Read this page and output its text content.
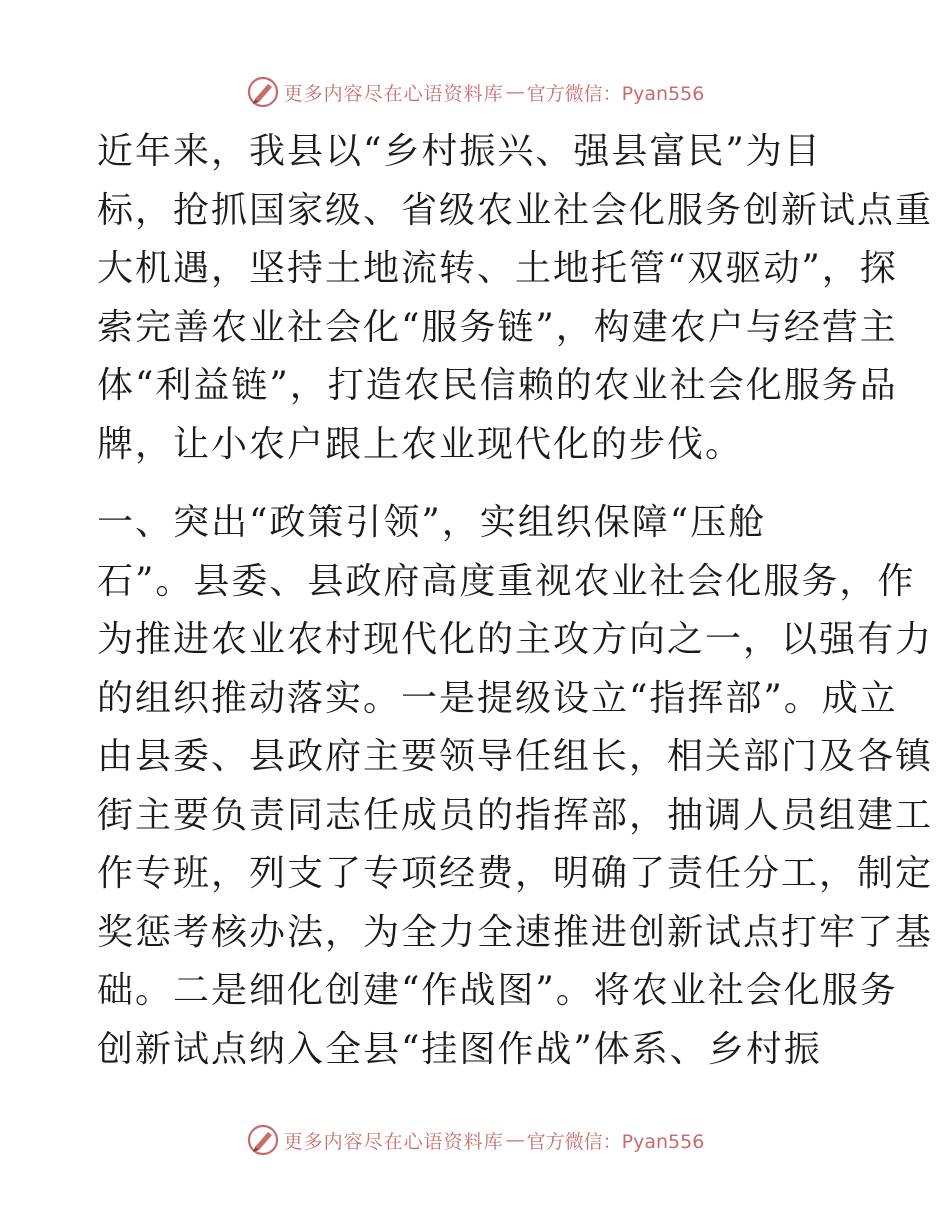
更多内容尽在心语资料库 — 官方微信：Pyan556

近年来，我县以“乡村振兴、强县富民”为目
标，抢抓国家级、省级农业社会化服务创新试点重
大机遇，坚持土地流转、土地托管“双驱动”，探
索完善农业社会化“服务链”，构建农户与经营主
体“利益链”，打造农民信赖的农业社会化服务品
牌，让小农户跟上农业现代化的步伐。

一、突出“政策引领”，实组织保障“压舱
石”。县委、县政府高度重视农业社会化服务，作
为推进农业农村现代化的主攻方向之一，以强有力
的组织推动落实。一是提级设立“指挥部”。成立
由县委、县政府主要领导任组长，相关部门及各镇
街主要负责同志任成员的指挥部，抽调人员组建工
作专班，列支了专项经费，明确了责任分工，制定
奖惩考核办法，为全力全速推进创新试点打牢了基
础。二是细化创建“作战图”。将农业社会化服务
创新试点纳入全县“挂图作战”体系、乡村振

更多内容尽在心语资料库 — 官方微信：Pyan556
